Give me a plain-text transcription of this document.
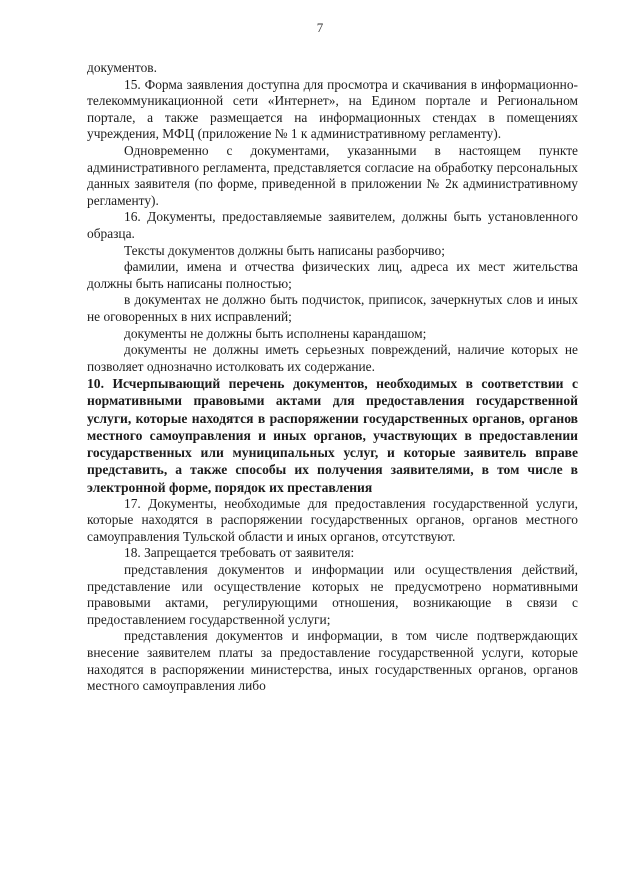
7

документов.

15. Форма заявления доступна для просмотра и скачивания в информационно-телекоммуникационной сети «Интернет», на Едином портале и Региональном портале, а также размещается на информационных стендах в помещениях учреждения, МФЦ (приложение № 1 к административному регламенту).

Одновременно с документами, указанными в настоящем пункте административного регламента, представляется согласие на обработку персональных данных заявителя (по форме, приведенной в приложении № 2к административному регламенту).

16. Документы, предоставляемые заявителем, должны быть установленного образца.

Тексты документов должны быть написаны разборчиво;

фамилии, имена и отчества физических лиц, адреса их мест жительства должны быть написаны полностью;

в документах не должно быть подчисток, приписок, зачеркнутых слов и иных не оговоренных в них исправлений;

документы не должны быть исполнены карандашом;

документы не должны иметь серьезных повреждений, наличие которых не позволяет однозначно истолковать их содержание.

10. Исчерпывающий перечень документов, необходимых в соответствии с нормативными правовыми актами для предоставления государственной услуги, которые находятся в распоряжении государственных органов, органов местного самоуправления и иных органов, участвующих в предоставлении государственных или муниципальных услуг, и которые заявитель вправе представить, а также способы их получения заявителями, в том числе в электронной форме, порядок их преставления

17. Документы, необходимые для предоставления государственной услуги, которые находятся в распоряжении государственных органов, органов местного самоуправления Тульской области и иных органов, отсутствуют.

18. Запрещается требовать от заявителя:

представления документов и информации или осуществления действий, представление или осуществление которых не предусмотрено нормативными правовыми актами, регулирующими отношения, возникающие в связи с предоставлением государственной услуги;

представления документов и информации, в том числе подтверждающих внесение заявителем платы за предоставление государственной услуги, которые находятся в распоряжении министерства, иных государственных органов, органов местного самоуправления либо
